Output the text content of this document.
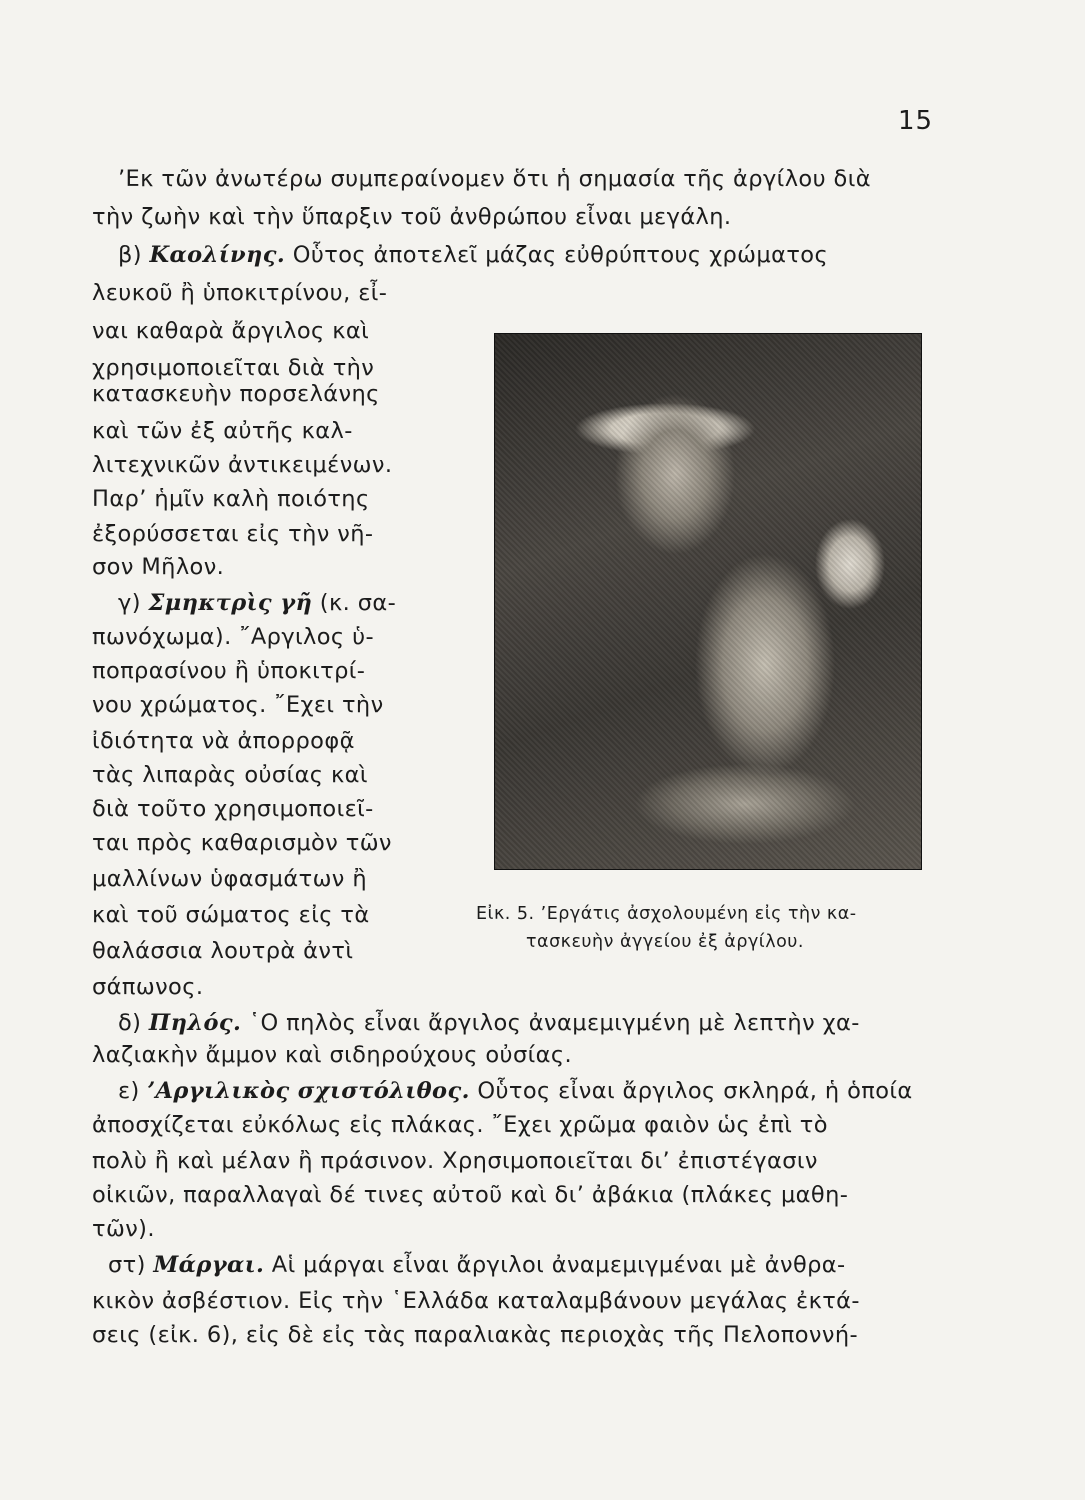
15
’Εκ τῶν ἀνωτέρω συμπεραίνομεν ὅτι ἡ σημασία τῆς ἀργίλου διὰ
τὴν ζωὴν καὶ τὴν ὕπαρξιν τοῦ ἀνθρώπου εἶναι μεγάλη.
β) Καολίνης. Οὗτος ἀποτελεῖ μάζας εὐθρύπτους χρώματος
λευκοῦ ἢ ὑποκιτρίνου, εἶ-
ναι καθαρὰ ἄργιλος καὶ
χρησιμοποιεῖται διὰ τὴν
κατασκευὴν πορσελάνης
καὶ τῶν ἐξ αὐτῆς καλ-
λιτεχνικῶν ἀντικειμένων.
Παρ’ ἡμῖν καλὴ ποιότης
ἐξορύσσεται εἰς τὴν νῆ-
σον Μῆλον.
γ) Σμηκτρὶς γῆ (κ. σα-
πωνόχωμα). ῎Αργιλος ὑ-
ποπρασίνου ἢ ὑποκιτρί-
νου χρώματος. ῎Εχει τὴν
ἰδιότητα νὰ ἀπορροφᾷ
τὰς λιπαρὰς οὐσίας καὶ
διὰ τοῦτο χρησιμοποιεῖ-
ται πρὸς καθαρισμὸν τῶν
μαλλίνων ὑφασμάτων ἢ
καὶ τοῦ σώματος εἰς τὰ
θαλάσσια λουτρὰ ἀντὶ
σάπωνος.
Εἰκ. 5. ’Εργάτις ἀσχολουμένη εἰς τὴν κα-
τασκευὴν ἀγγείου ἐξ ἀργίλου.
δ) Πηλός. ῾Ο πηλὸς εἶναι ἄργιλος ἀναμεμιγμένη μὲ λεπτὴν χα-
λαζιακὴν ἄμμον καὶ σιδηρούχους οὐσίας.
ε) ’Αργιλικὸς σχιστόλιθος. Οὗτος εἶναι ἄργιλος σκληρά, ἡ ὁποία
ἀποσχίζεται εὐκόλως εἰς πλάκας. ῎Εχει χρῶμα φαιὸν ὡς ἐπὶ τὸ
πολὺ ἢ καὶ μέλαν ἢ πράσινον. Χρησιμοποιεῖται δι’ ἐπιστέγασιν
οἰκιῶν, παραλλαγαὶ δέ τινες αὐτοῦ καὶ δι’ ἀβάκια (πλάκες μαθη-
τῶν).
στ) Μάργαι. Αἱ μάργαι εἶναι ἄργιλοι ἀναμεμιγμέναι μὲ ἀνθρα-
κικὸν ἀσβέστιον. Εἰς τὴν ῾Ελλάδα καταλαμβάνουν μεγάλας ἐκτά-
σεις (εἰκ. 6), εἰς δὲ εἰς τὰς παραλιακὰς περιοχὰς τῆς Πελοποννή-
